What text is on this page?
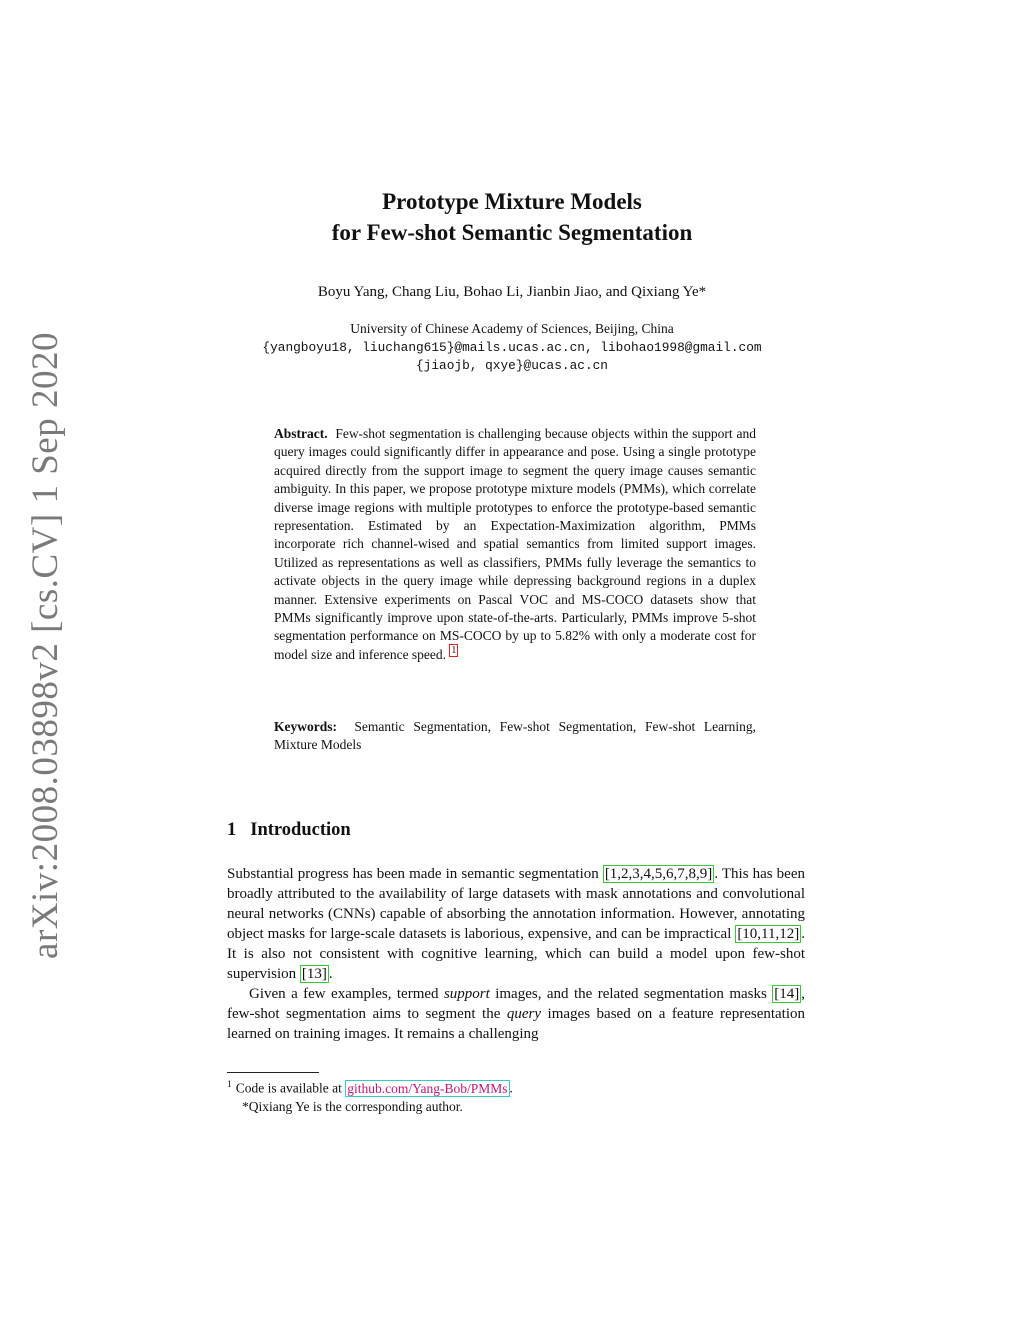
arXiv:2008.03898v2 [cs.CV] 1 Sep 2020
Prototype Mixture Models
for Few-shot Semantic Segmentation
Boyu Yang, Chang Liu, Bohao Li, Jianbin Jiao, and Qixiang Ye*
University of Chinese Academy of Sciences, Beijing, China
{yangboyu18, liuchang615}@mails.ucas.ac.cn, libohao1998@gmail.com
{jiaojb, qxye}@ucas.ac.cn
Abstract. Few-shot segmentation is challenging because objects within the support and query images could significantly differ in appearance and pose. Using a single prototype acquired directly from the support image to segment the query image causes semantic ambiguity. In this paper, we propose prototype mixture models (PMMs), which correlate diverse image regions with multiple prototypes to enforce the prototype-based semantic representation. Estimated by an Expectation-Maximization algorithm, PMMs incorporate rich channel-wised and spatial semantics from limited support images. Utilized as representations as well as classifiers, PMMs fully leverage the semantics to activate objects in the query image while depressing background regions in a duplex manner. Extensive experiments on Pascal VOC and MS-COCO datasets show that PMMs significantly improve upon state-of-the-arts. Particularly, PMMs improve 5-shot segmentation performance on MS-COCO by up to 5.82% with only a moderate cost for model size and inference speed. $^1$
Keywords: Semantic Segmentation, Few-shot Segmentation, Few-shot Learning, Mixture Models
1 Introduction

Substantial progress has been made in semantic segmentation [1,2,3,4,5,6,7,8,9] . This has been broadly attributed to the availability of large datasets with mask annotations and convolutional neural networks (CNNs) capable of absorbing the annotation information. However, annotating object masks for large-scale datasets is laborious, expensive, and can be impractical [10,11,12] . It is also not consistent with cognitive learning, which can build a model upon few-shot supervision [13] .

Given a few examples, termed support images, and the related segmentation masks [14] , few-shot segmentation aims to segment the query images based on a feature representation learned on training images. It remains a challenging

$^1$ Code is available at github.com/Yang-Bob/PMMs .
*Qixiang Ye is the corresponding author.
